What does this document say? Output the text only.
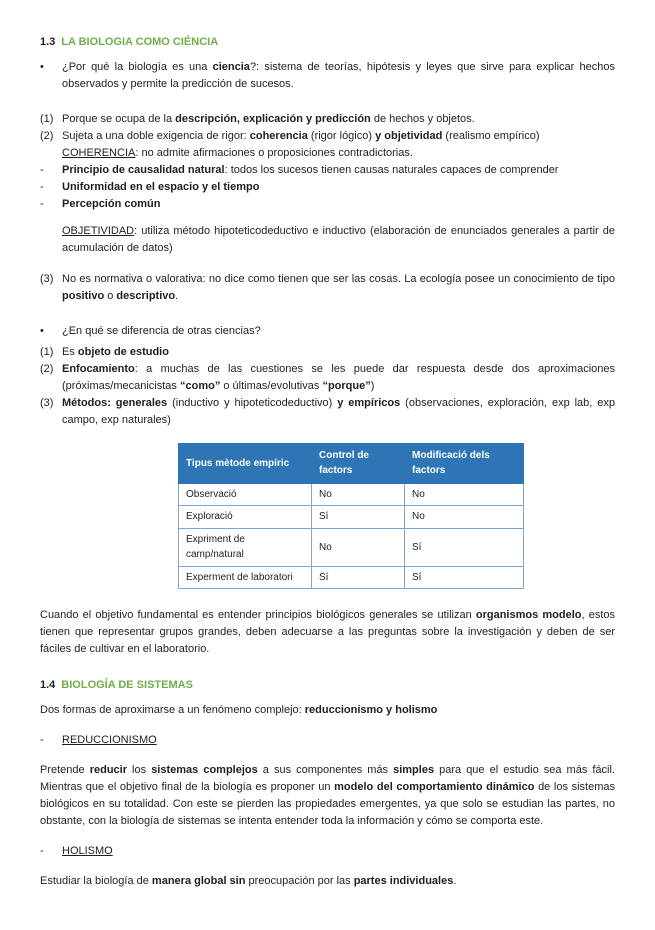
1.3 LA BIOLOGIA COMO CIÉNCIA
•	¿Por qué la biología es una ciencia?: sistema de teorías, hipótesis y leyes que sirve para explicar hechos observados y permite la predicción de sucesos.
(1) Porque se ocupa de la descripción, explicación y predicción de hechos y objetos.
(2) Sujeta a una doble exigencia de rigor: coherencia (rigor lógico) y objetividad (realismo empírico)
COHERENCIA: no admite afirmaciones o proposiciones contradictorias.
-	Principio de causalidad natural: todos los sucesos tienen causas naturales capaces de comprender
-	Uniformidad en el espacio y el tiempo
-	Percepción común
OBJETIVIDAD: utiliza método hipoteticodeductivo e inductivo (elaboración de enunciados generales a partir de acumulación de datos)
(3) No es normativa o valorativa: no dice como tienen que ser las cosas. La ecología posee un conocimiento de tipo positivo o descriptivo.
•	¿En qué se diferencia de otras ciencias?
(1) Es objeto de estudio
(2) Enfocamiento: a muchas de las cuestiones se les puede dar respuesta desde dos aproximaciones (próximas/mecanicistas “como” o últimas/evolutivas “porque”)
(3) Métodos: generales (inductivo y hipoteticodeductivo) y empíricos (observaciones, exploración, exp lab, exp campo, exp naturales)
Tipus mètode empíric	Control de factors	Modificació dels factors
Observació	No	No
Exploració	Sí	No
Expriment de camp/natural	No	Sí
Experment de laboratori	Sí	Sí
Cuando el objetivo fundamental es entender principios biológicos generales se utilizan organismos modelo, estos tienen que representar grupos grandes, deben adecuarse a las preguntas sobre la investigación y deben de ser fáciles de cultivar en el laboratorio.
1.4 BIOLOGÍA DE SISTEMAS
Dos formas de aproximarse a un fenómeno complejo: reduccionismo y holismo
-	REDUCCIONISMO
Pretende reducir los sistemas complejos a sus componentes más simples para que el estudio sea más fácil. Mientras que el objetivo final de la biología es proponer un modelo del comportamiento dinámico de los sistemas biológicos en su totalidad. Con este se pierden las propiedades emergentes, ya que solo se estudian las partes, no obstante, con la biología de sistemas se intenta entender toda la información y cómo se comporta este.
-	HOLISMO
Estudiar la biología de manera global sin preocupación por las partes individuales.
